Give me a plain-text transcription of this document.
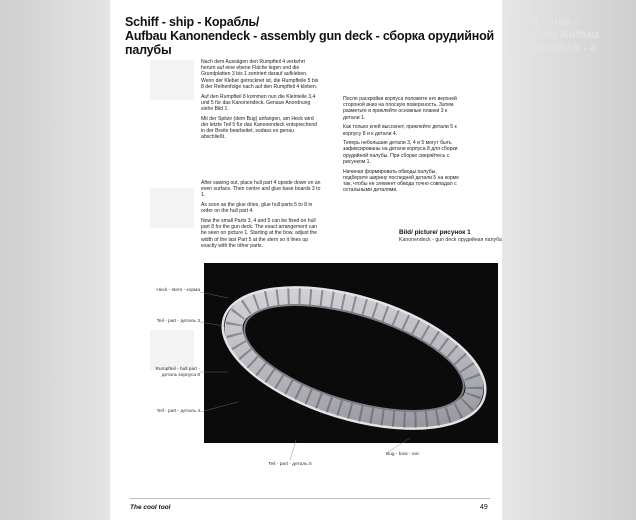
Schiff - ship - Корабль/ Aufbau Kanonendeck - a
Schiff - ship - Корабль/
Aufbau Kanonendeck - assembly gun deck - сборка орудийной палубы

Nach dem Aussägen den Rumpfteil 4 verkehrt herum auf eine ebene Fläche legen und die Grundplatten 3 bis 1 zentriert darauf aufkleben. Wenn der Kleber getrocknet ist, die Rumpfteile 5 bis 8 der Reihenfolge nach auf den Rumpfteil 4 kleben.

Auf den Rumpfteil 8 kommen nun die Kleinteile 3,4 und 5 für das Kanonendeck. Genaue Anordnung siehe Bild 1.

Mit der Spitze (dem Bug) anfangen, am Heck wird der letzte Teil 5 für das Kanonendeck entsprechend in der Breite bearbeitet, sodass es genau abschließt.

After sawing out, place hull part 4 upside down on an even surface. Then centre and glue base boards 3 to 1.

As soon as the glue dries, glue hull parts 5 to 8 in order on the hull part 4.

Now the small Parts 3, 4 and 5 can be fixed on hull part 8 for the gun deck. The exact arrangement can be seen on picture 1. Starting at the bow, adjust the width of the last Part 5 at the stern so it lines up exactly with the other parts.

После раскройки корпуса положите его верхней стороной вниз на плоскую поверхность. Затем разметьте и приклейте основные планки 3 к детали 1.

Как только клей высохнет, приклейте детали 5 к корпусу 8 и к детали 4.

Теперь небольшие детали 3, 4 и 5 могут быть зафиксированы на детали корпуса 8 для сборки орудийной палубы. При сборке сверяйтесь с рисунком 1.

Начиная формировать обводы палубы, подберите ширину последней детали 5 на корме так, чтобы ее элемент обвода точно совпадал с остальными деталями.

Bild/ picture/ рисунок 1
Kanonendeck - gun deck орудийная палуба
Heck - stern - корма
Teil - part - деталь 3
Rumpfteil - hull part - деталь корпуса 8
Teil - part - деталь 4
Teil - part - деталь 5
Bug - bow - нос
The cool tool	49
